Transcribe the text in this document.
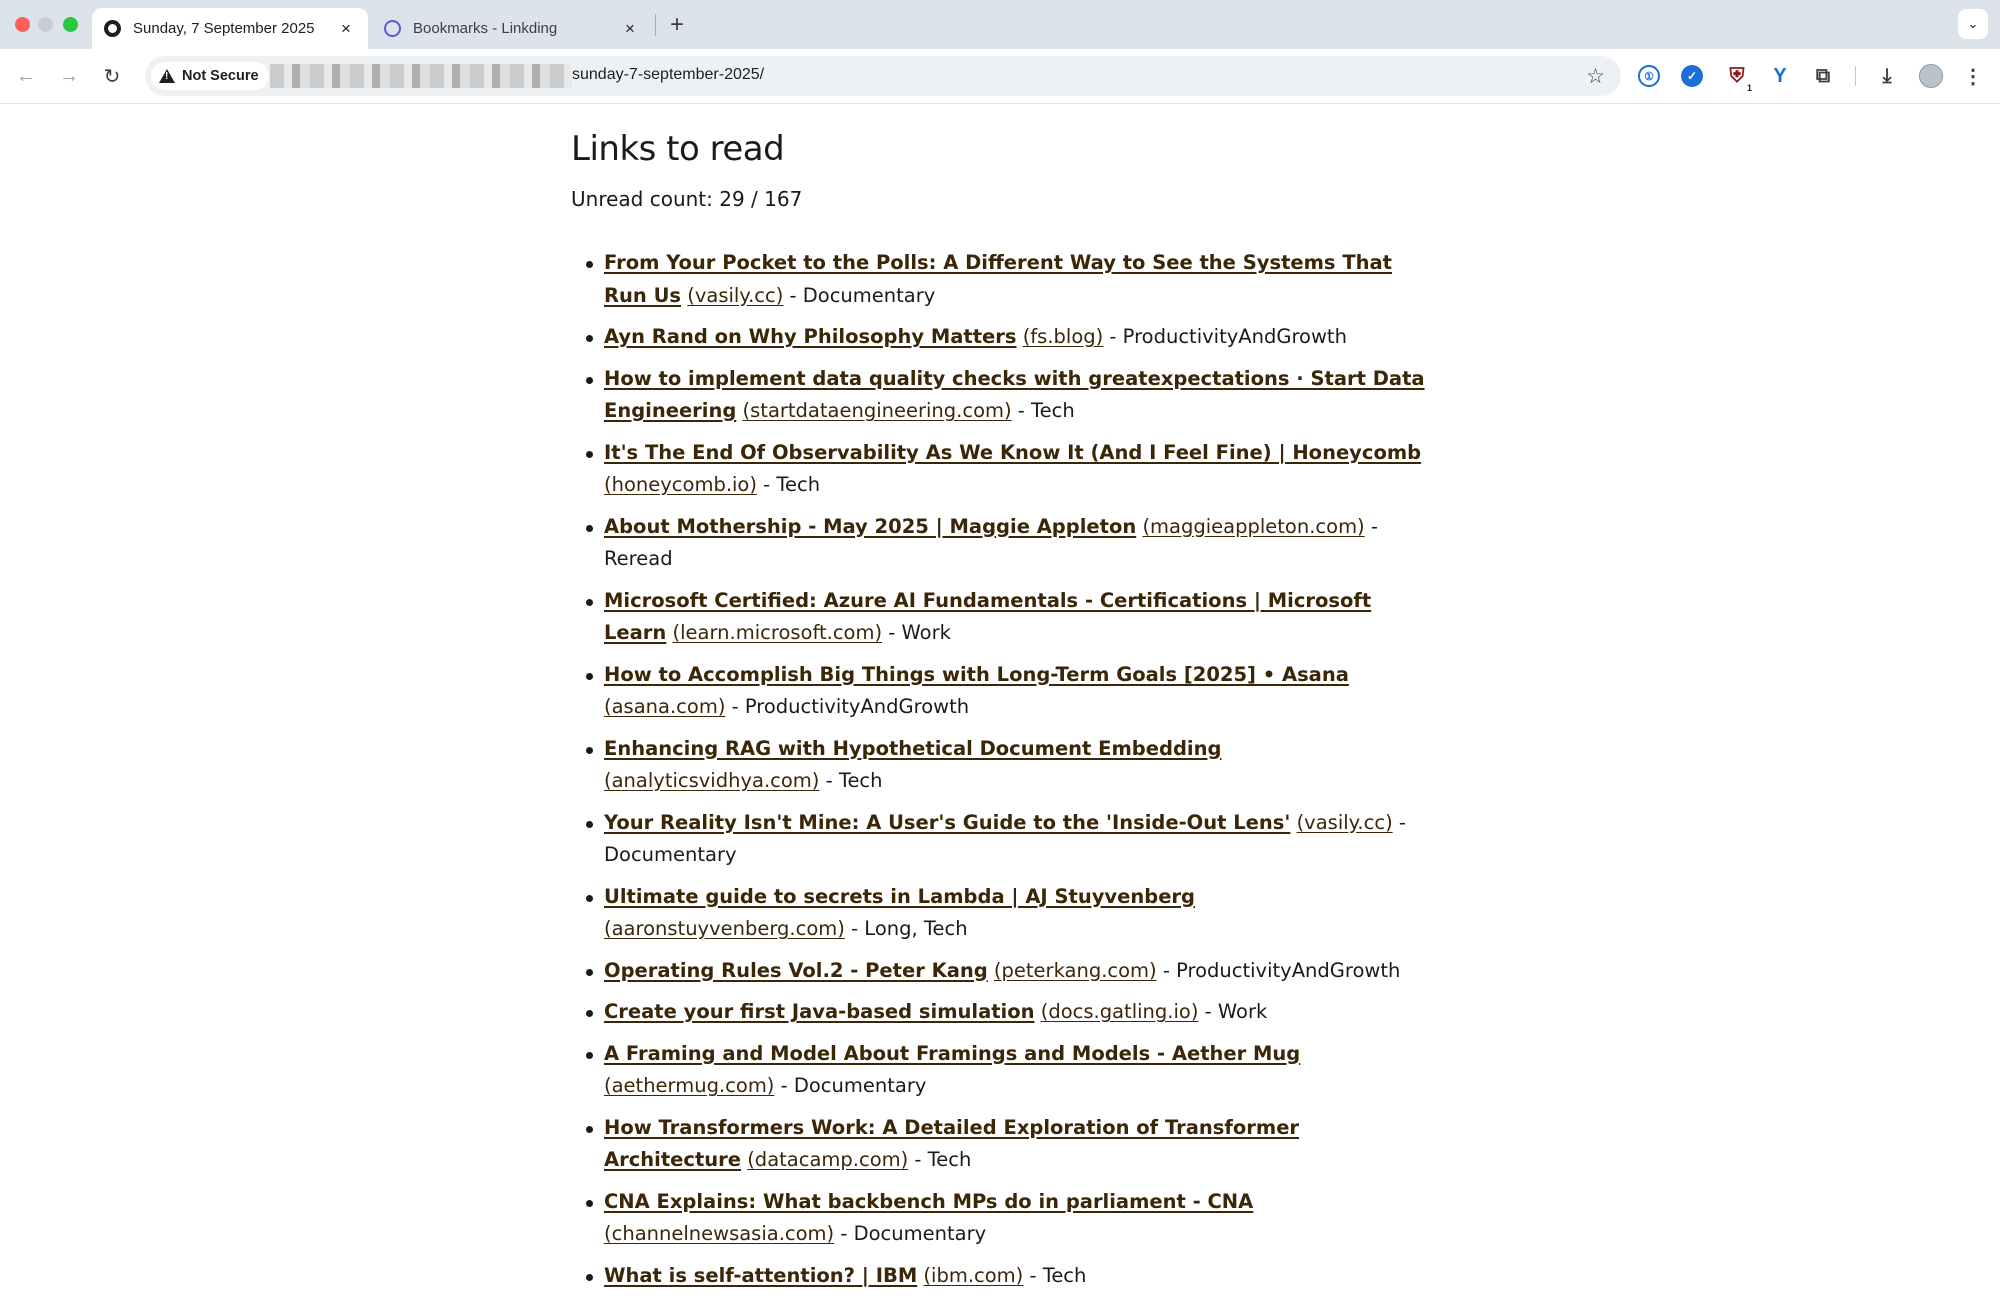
Sunday, 7 September 2025	×	Bookmarks - Linkding	× +	⌄
← → ↻
!	Not Secure	sunday-7-september-2025/	☆	①	✓ ⛨
1
Y	⧉	⤓	⋮
Links to read

Unread count: 29 / 167

From Your Pocket to the Polls: A Different Way to See the Systems That Run Us (vasily.cc) - Documentary
Ayn Rand on Why Philosophy Matters (fs.blog) - ProductivityAndGrowth
How to implement data quality checks with greatexpectations · Start Data Engineering (startdataengineering.com) - Tech
It's The End Of Observability As We Know It (And I Feel Fine) | Honeycomb (honeycomb.io) - Tech
About Mothership - May 2025 | Maggie Appleton (maggieappleton.com) - Reread
Microsoft Certified: Azure AI Fundamentals - Certifications | Microsoft Learn (learn.microsoft.com) - Work
How to Accomplish Big Things with Long-Term Goals [2025] • Asana (asana.com) - ProductivityAndGrowth
Enhancing RAG with Hypothetical Document Embedding (analyticsvidhya.com) - Tech
Your Reality Isn't Mine: A User's Guide to the 'Inside-Out Lens' (vasily.cc) - Documentary
Ultimate guide to secrets in Lambda | AJ Stuyvenberg (aaronstuyvenberg.com) - Long, Tech
Operating Rules Vol.2 - Peter Kang (peterkang.com) - ProductivityAndGrowth
Create your first Java-based simulation (docs.gatling.io) - Work
A Framing and Model About Framings and Models - Aether Mug (aethermug.com) - Documentary
How Transformers Work: A Detailed Exploration of Transformer Architecture (datacamp.com) - Tech
CNA Explains: What backbench MPs do in parliament - CNA (channelnewsasia.com) - Documentary
What is self-attention? | IBM (ibm.com) - Tech
